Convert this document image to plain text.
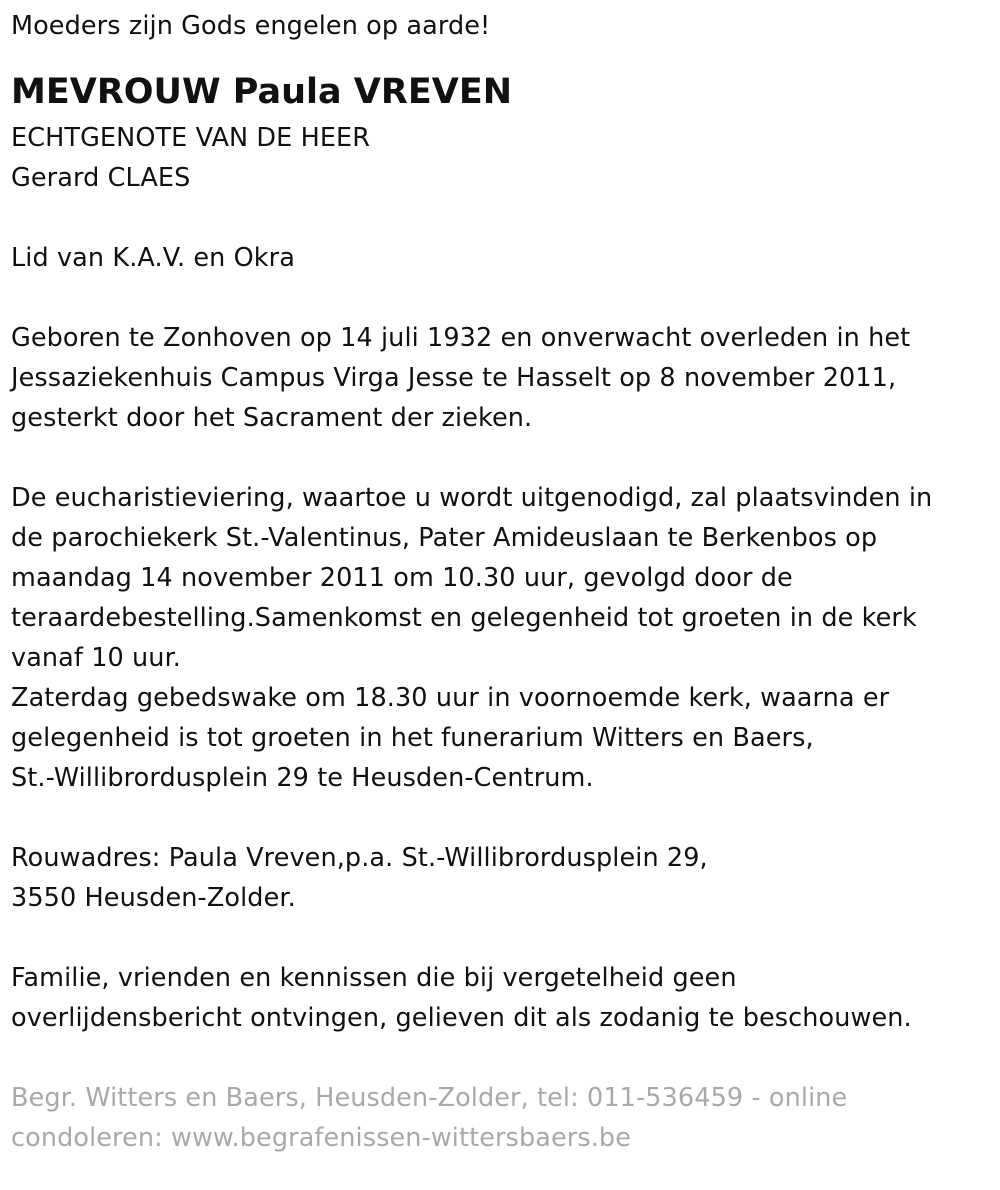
Moeders zijn Gods engelen op aarde!
MEVROUW Paula VREVEN
ECHTGENOTE VAN DE HEER
Gerard CLAES
Lid van K.A.V. en Okra
Geboren te Zonhoven op 14 juli 1932 en onverwacht overleden in het
Jessaziekenhuis Campus Virga Jesse te Hasselt op 8 november 2011,
gesterkt door het Sacrament der zieken.
De eucharistieviering, waartoe u wordt uitgenodigd, zal plaatsvinden in
de parochiekerk St.-Valentinus, Pater Amideuslaan te Berkenbos op
maandag 14 november 2011 om 10.30 uur, gevolgd door de
teraardebestelling.Samenkomst en gelegenheid tot groeten in de kerk
vanaf 10 uur.
Zaterdag gebedswake om 18.30 uur in voornoemde kerk, waarna er
gelegenheid is tot groeten in het funerarium Witters en Baers,
St.-Willibrordusplein 29 te Heusden-Centrum.
Rouwadres: Paula Vreven,p.a. St.-Willibrordusplein 29,
3550 Heusden-Zolder.
Familie, vrienden en kennissen die bij vergetelheid geen
overlijdensbericht ontvingen, gelieven dit als zodanig te beschouwen.
Begr. Witters en Baers, Heusden-Zolder, tel: 011-536459 - online
condoleren: www.begrafenissen-wittersbaers.be
